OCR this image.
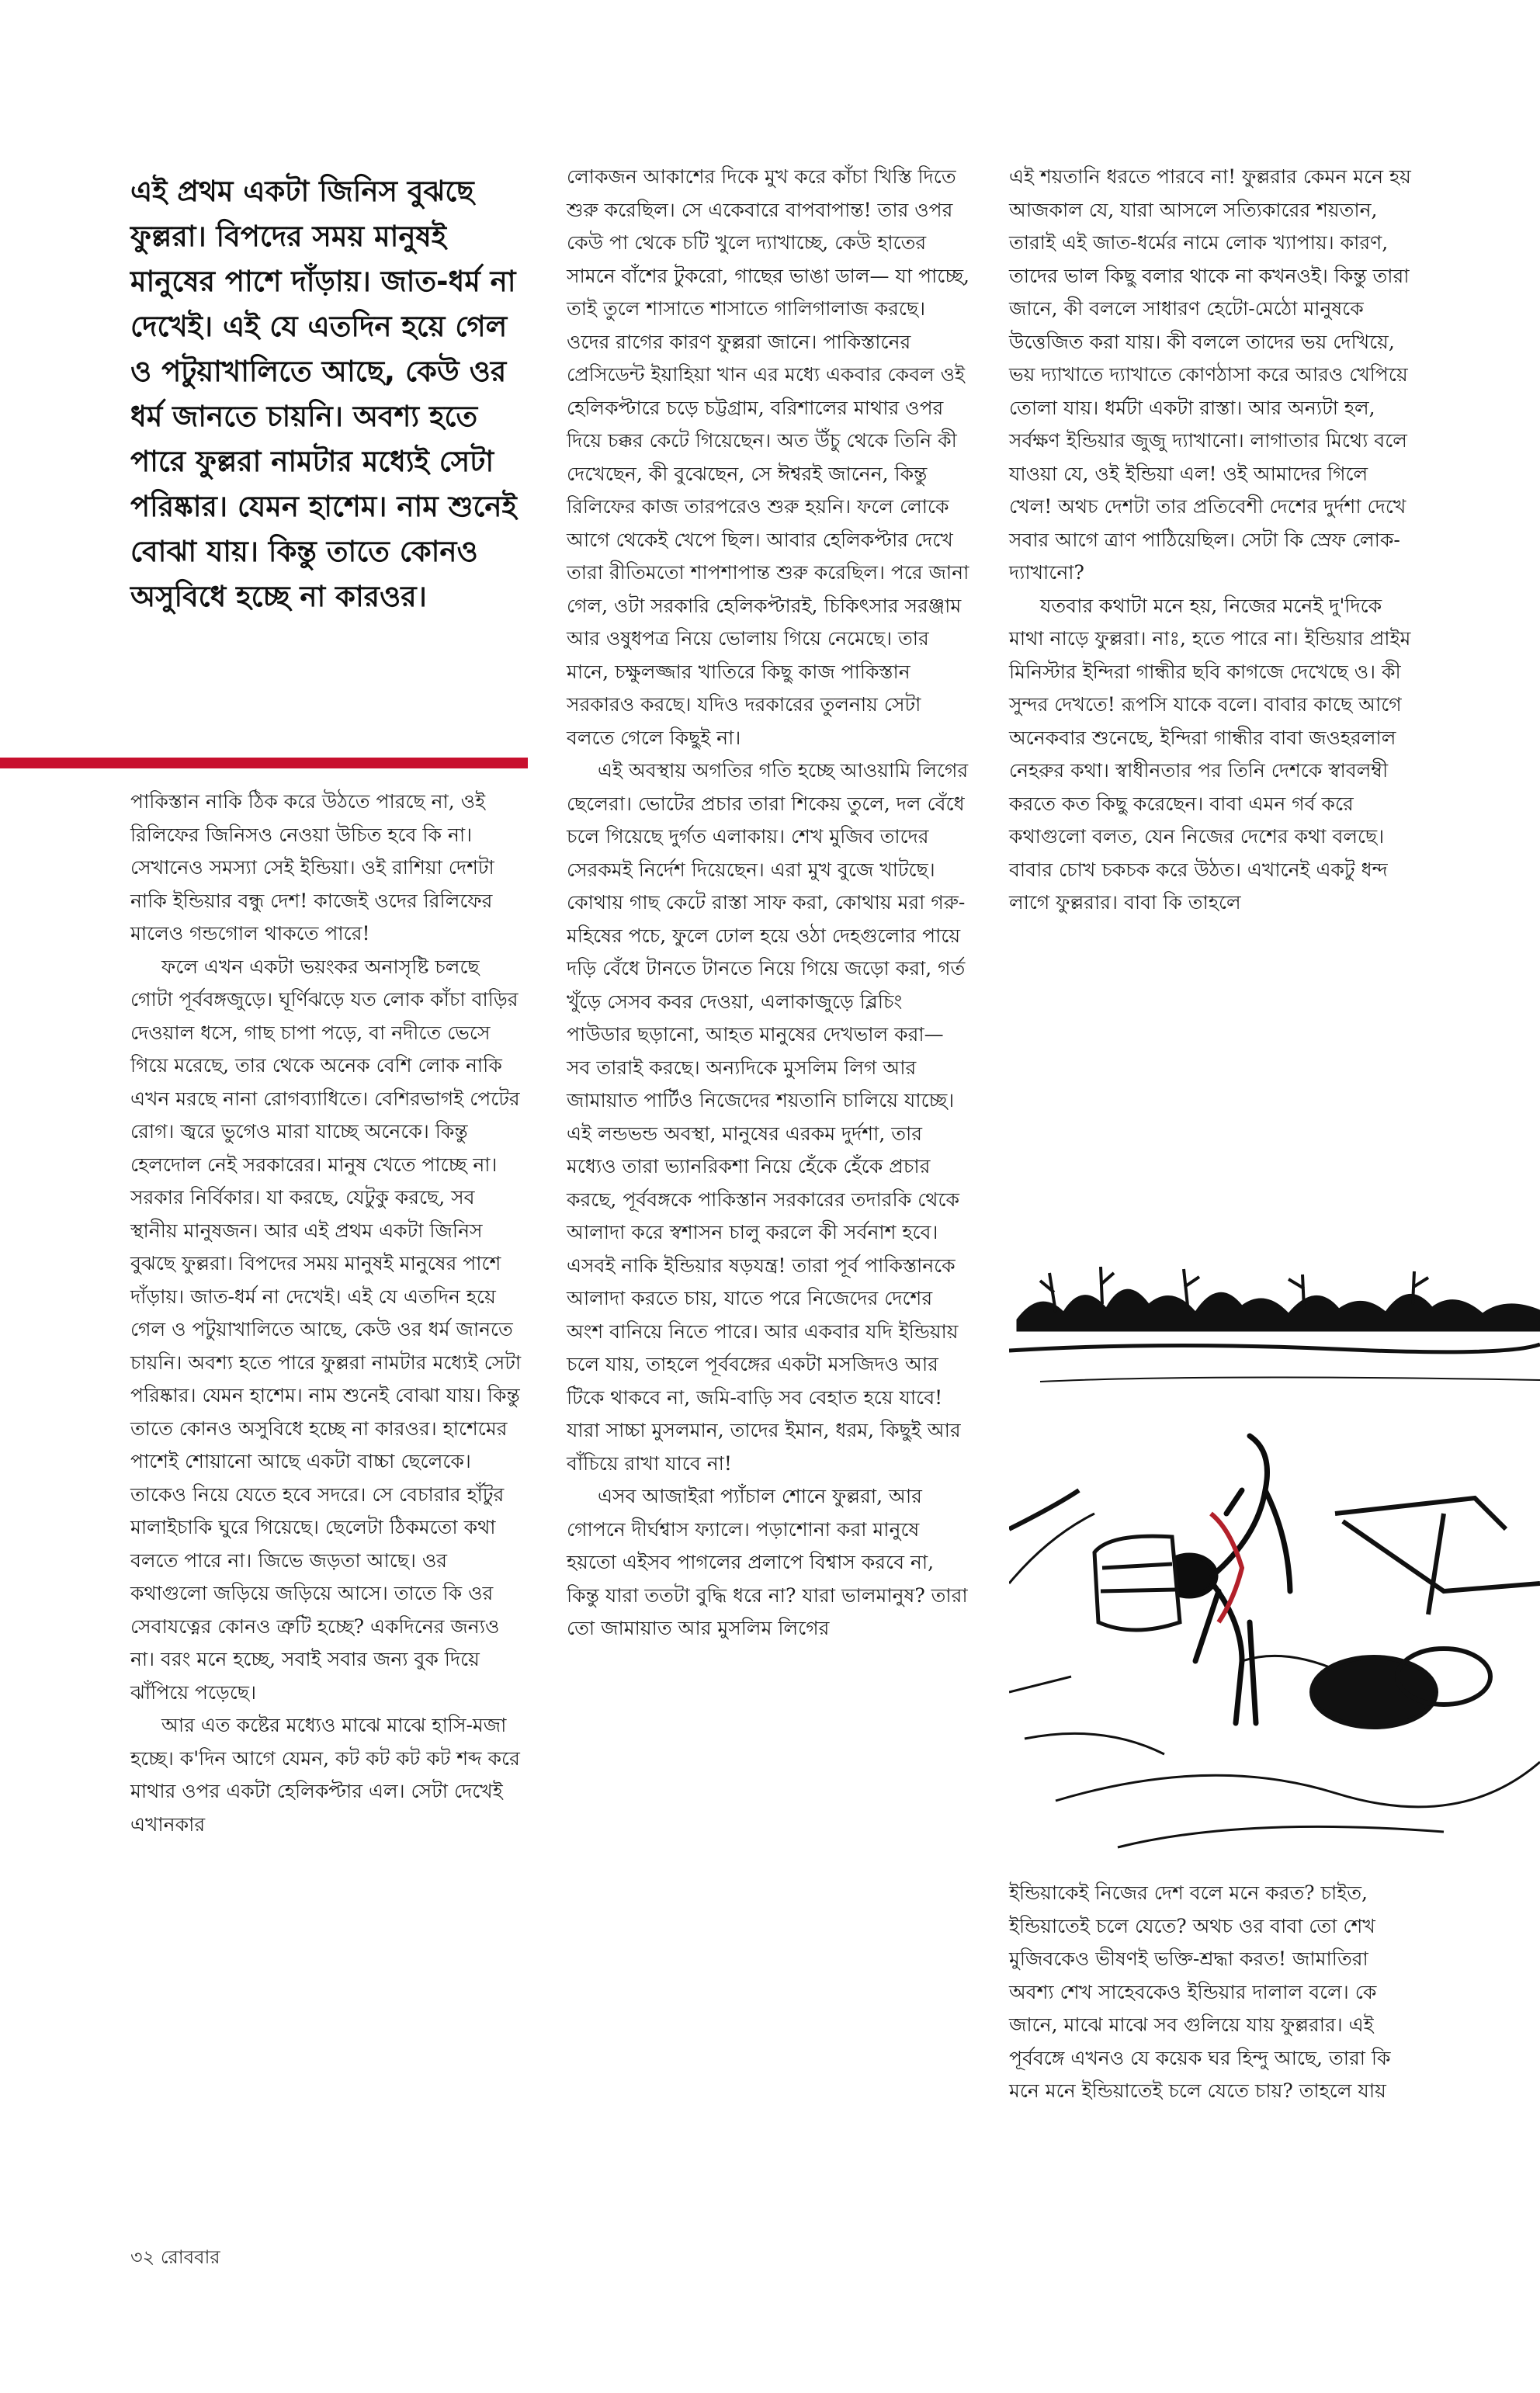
এই প্রথম একটা জিনিস বুঝছে ফুল্লরা। বিপদের সময় মানুষই মানুষের পাশে দাঁড়ায়। জাত-ধর্ম না দেখেই। এই যে এতদিন হয়ে গেল ও পটুয়াখালিতে আছে, কেউ ওর ধর্ম জানতে চায়নি। অবশ্য হতে পারে ফুল্লরা নামটার মধ্যেই সেটা পরিষ্কার। যেমন হাশেম। নাম শুনেই বোঝা যায়। কিন্তু তাতে কোনও অসুবিধে হচ্ছে না কারওর।

পাকিস্তান নাকি ঠিক করে উঠতে পারছে না, ওই রিলিফের জিনিসও নেওয়া উচিত হবে কি না। সেখানেও সমস্যা সেই ইন্ডিয়া। ওই রাশিয়া দেশটা নাকি ইন্ডিয়ার বন্ধু দেশ! কাজেই ওদের রিলিফের মালেও গন্ডগোল থাকতে পারে!

ফলে এখন একটা ভয়ংকর অনাসৃষ্টি চলছে গোটা পূর্ববঙ্গজুড়ে। ঘূর্ণিঝড়ে যত লোক কাঁচা বাড়ির দেওয়াল ধসে, গাছ চাপা পড়ে, বা নদীতে ভেসে গিয়ে মরেছে, তার থেকে অনেক বেশি লোক নাকি এখন মরছে নানা রোগব্যাধিতে। বেশিরভাগই পেটের রোগ। জ্বরে ভুগেও মারা যাচ্ছে অনেকে। কিন্তু হেলদোল নেই সরকারের। মানুষ খেতে পাচ্ছে না। সরকার নির্বিকার। যা করছে, যেটুকু করছে, সব স্থানীয় মানুষজন। আর এই প্রথম একটা জিনিস বুঝছে ফুল্লরা। বিপদের সময় মানুষই মানুষের পাশে দাঁড়ায়। জাত-ধর্ম না দেখেই। এই যে এতদিন হয়ে গেল ও পটুয়াখালিতে আছে, কেউ ওর ধর্ম জানতে চায়নি। অবশ্য হতে পারে ফুল্লরা নামটার মধ্যেই সেটা পরিষ্কার। যেমন হাশেম। নাম শুনেই বোঝা যায়। কিন্তু তাতে কোনও অসুবিধে হচ্ছে না কারওর। হাশেমের পাশেই শোয়ানো আছে একটা বাচ্চা ছেলেকে। তাকেও নিয়ে যেতে হবে সদরে। সে বেচারার হাঁটুর মালাইচাকি ঘুরে গিয়েছে। ছেলেটা ঠিকমতো কথা বলতে পারে না। জিভে জড়তা আছে। ওর কথাগুলো জড়িয়ে জড়িয়ে আসে। তাতে কি ওর সেবাযত্নের কোনও ত্রুটি হচ্ছে? একদিনের জন্যও না। বরং মনে হচ্ছে, সবাই সবার জন্য বুক দিয়ে ঝাঁপিয়ে পড়েছে।

আর এত কষ্টের মধ্যেও মাঝে মাঝে হাসি-মজা হচ্ছে। ক'দিন আগে যেমন, কট কট কট কট শব্দ করে মাথার ওপর একটা হেলিকপ্টার এল। সেটা দেখেই এখানকার

লোকজন আকাশের দিকে মুখ করে কাঁচা খিস্তি দিতে শুরু করেছিল। সে একেবারে বাপবাপান্ত! তার ওপর কেউ পা থেকে চটি খুলে দ্যাখাচ্ছে, কেউ হাতের সামনে বাঁশের টুকরো, গাছের ভাঙা ডাল— যা পাচ্ছে, তাই তুলে শাসাতে শাসাতে গালিগালাজ করছে। ওদের রাগের কারণ ফুল্লরা জানে। পাকিস্তানের প্রেসিডেন্ট ইয়াহিয়া খান এর মধ্যে একবার কেবল ওই হেলিকপ্টারে চড়ে চট্টগ্রাম, বরিশালের মাথার ওপর দিয়ে চক্কর কেটে গিয়েছেন। অত উঁচু থেকে তিনি কী দেখেছেন, কী বুঝেছেন, সে ঈশ্বরই জানেন, কিন্তু রিলিফের কাজ তারপরেও শুরু হয়নি। ফলে লোকে আগে থেকেই খেপে ছিল। আবার হেলিকপ্টার দেখে তারা রীতিমতো শাপশাপান্ত শুরু করেছিল। পরে জানা গেল, ওটা সরকারি হেলিকপ্টারই, চিকিৎসার সরঞ্জাম আর ওষুধপত্র নিয়ে ভোলায় গিয়ে নেমেছে। তার মানে, চক্ষুলজ্জার খাতিরে কিছু কাজ পাকিস্তান সরকারও করছে। যদিও দরকারের তুলনায় সেটা বলতে গেলে কিছুই না।

এই অবস্থায় অগতির গতি হচ্ছে আওয়ামি লিগের ছেলেরা। ভোটের প্রচার তারা শিকেয় তুলে, দল বেঁধে চলে গিয়েছে দুর্গত এলাকায়। শেখ মুজিব তাদের সেরকমই নির্দেশ দিয়েছেন। এরা মুখ বুজে খাটছে। কোথায় গাছ কেটে রাস্তা সাফ করা, কোথায় মরা গরু-মহিষের পচে, ফুলে ঢোল হয়ে ওঠা দেহগুলোর পায়ে দড়ি বেঁধে টানতে টানতে নিয়ে গিয়ে জড়ো করা, গর্ত খুঁড়ে সেসব কবর দেওয়া, এলাকাজুড়ে ব্লিচিং পাউডার ছড়ানো, আহত মানুষের দেখভাল করা— সব তারাই করছে। অন্যদিকে মুসলিম লিগ আর জামায়াত পার্টিও নিজেদের শয়তানি চালিয়ে যাচ্ছে। এই লন্ডভন্ড অবস্থা, মানুষের এরকম দুর্দশা, তার মধ্যেও তারা ভ্যানরিকশা নিয়ে হেঁকে হেঁকে প্রচার করছে, পূর্ববঙ্গকে পাকিস্তান সরকারের তদারকি থেকে আলাদা করে স্বশাসন চালু করলে কী সর্বনাশ হবে। এসবই নাকি ইন্ডিয়ার ষড়যন্ত্র! তারা পূর্ব পাকিস্তানকে আলাদা করতে চায়, যাতে পরে নিজেদের দেশের অংশ বানিয়ে নিতে পারে। আর একবার যদি ইন্ডিয়ায় চলে যায়, তাহলে পূর্ববঙ্গের একটা মসজিদও আর টিকে থাকবে না, জমি-বাড়ি সব বেহাত হয়ে যাবে! যারা সাচ্চা মুসলমান, তাদের ইমান, ধরম, কিছুই আর বাঁচিয়ে রাখা যাবে না!

এসব আজাইরা প্যাঁচাল শোনে ফুল্লরা, আর গোপনে দীর্ঘশ্বাস ফ্যালে। পড়াশোনা করা মানুষে হয়তো এইসব পাগলের প্রলাপে বিশ্বাস করবে না, কিন্তু যারা ততটা বুদ্ধি ধরে না? যারা ভালমানুষ? তারা তো জামায়াত আর মুসলিম লিগের

এই শয়তানি ধরতে পারবে না! ফুল্লরার কেমন মনে হয় আজকাল যে, যারা আসলে সত্যিকারের শয়তান, তারাই এই জাত-ধর্মের নামে লোক খ্যাপায়। কারণ, তাদের ভাল কিছু বলার থাকে না কখনওই। কিন্তু তারা জানে, কী বললে সাধারণ হেটো-মেঠো মানুষকে উত্তেজিত করা যায়। কী বললে তাদের ভয় দেখিয়ে, ভয় দ্যাখাতে দ্যাখাতে কোণঠাসা করে আরও খেপিয়ে তোলা যায়। ধর্মটা একটা রাস্তা। আর অন্যটা হল, সর্বক্ষণ ইন্ডিয়ার জুজু দ্যাখানো। লাগাতার মিথ্যে বলে যাওয়া যে, ওই ইন্ডিয়া এল! ওই আমাদের গিলে খেল! অথচ দেশটা তার প্রতিবেশী দেশের দুর্দশা দেখে সবার আগে ত্রাণ পাঠিয়েছিল। সেটা কি স্রেফ লোক-দ্যাখানো?

যতবার কথাটা মনে হয়, নিজের মনেই দু'দিকে মাথা নাড়ে ফুল্লরা। নাঃ, হতে পারে না। ইন্ডিয়ার প্রাইম মিনিস্টার ইন্দিরা গান্ধীর ছবি কাগজে দেখেছে ও। কী সুন্দর দেখতে! রূপসি যাকে বলে। বাবার কাছে আগে অনেকবার শুনেছে, ইন্দিরা গান্ধীর বাবা জওহরলাল নেহরুর কথা। স্বাধীনতার পর তিনি দেশকে স্বাবলম্বী করতে কত কিছু করেছেন। বাবা এমন গর্ব করে কথাগুলো বলত, যেন নিজের দেশের কথা বলছে। বাবার চোখ চকচক করে উঠত। এখানেই একটু ধন্দ লাগে ফুল্লরার। বাবা কি তাহলে

ইন্ডিয়াকেই নিজের দেশ বলে মনে করত? চাইত, ইন্ডিয়াতেই চলে যেতে? অথচ ওর বাবা তো শেখ মুজিবকেও ভীষণই ভক্তি-শ্রদ্ধা করত! জামাতিরা অবশ্য শেখ সাহেবকেও ইন্ডিয়ার দালাল বলে। কে জানে, মাঝে মাঝে সব গুলিয়ে যায় ফুল্লরার। এই পূর্ববঙ্গে এখনও যে কয়েক ঘর হিন্দু আছে, তারা কি মনে মনে ইন্ডিয়াতেই চলে যেতে চায়? তাহলে যায়

৩২ রোববার
